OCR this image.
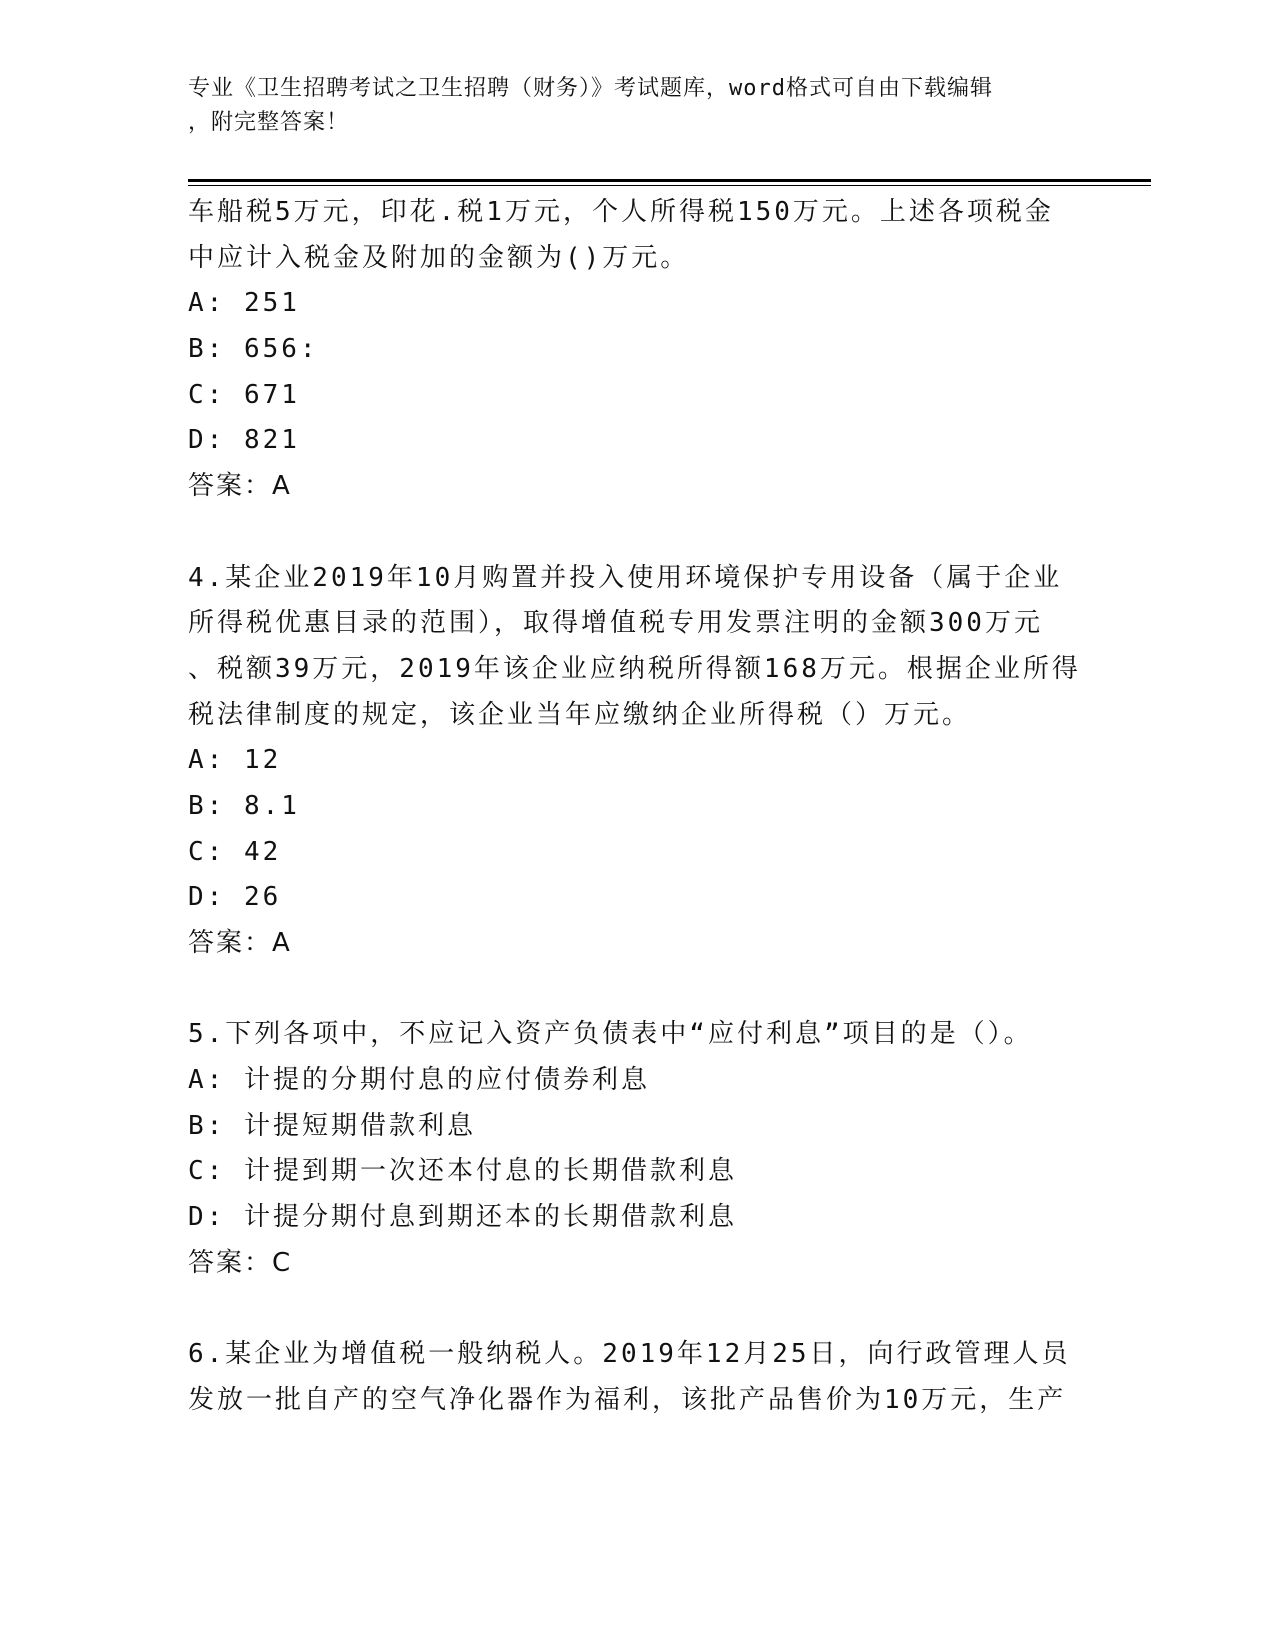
专业《卫生招聘考试之卫生招聘（财务）》考试题库，word格式可自由下载编辑
，附完整答案！
车船税5万元，印花.税1万元，个人所得税150万元。上述各项税金
中应计入税金及附加的金额为()万元。
A: 251
B: 656:
C: 671
D: 821
答案：A
4.某企业2019年10月购置并投入使用环境保护专用设备（属于企业
所得税优惠目录的范围），取得增值税专用发票注明的金额300万元
、税额39万元，2019年该企业应纳税所得额168万元。根据企业所得
税法律制度的规定，该企业当年应缴纳企业所得税（）万元。
A: 12
B: 8.1
C: 42
D: 26
答案：A
5.下列各项中，不应记入资产负债表中“应付利息”项目的是（）。
A: 计提的分期付息的应付债券利息
B: 计提短期借款利息
C: 计提到期一次还本付息的长期借款利息
D: 计提分期付息到期还本的长期借款利息
答案：C
6.某企业为增值税一般纳税人。2019年12月25日，向行政管理人员
发放一批自产的空气净化器作为福利，该批产品售价为10万元，生产
